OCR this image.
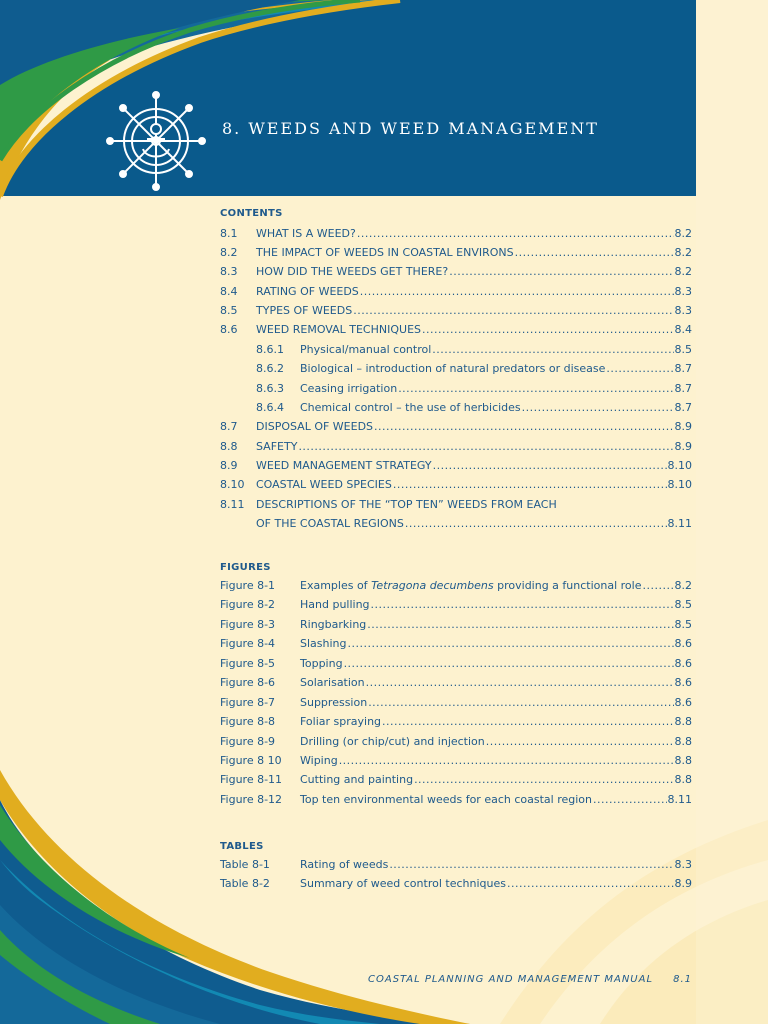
8. WEEDS AND WEED MANAGEMENT
CONTENTS
8.1	WHAT IS A WEED? .....	8.2
8.2	THE IMPACT OF WEEDS IN COASTAL ENVIRONS .....	8.2
8.3	HOW DID THE WEEDS GET THERE? .....	8.2
8.4	RATING OF WEEDS .....	8.3
8.5	TYPES OF WEEDS .....	8.3
8.6	WEED REMOVAL TECHNIQUES .....	8.4
8.6.1	Physical/manual control .....	8.5
8.6.2	Biological – introduction of natural predators or disease .....	8.7
8.6.3	Ceasing irrigation .....	8.7
8.6.4	Chemical control – the use of herbicides .....	8.7
8.7	DISPOSAL OF WEEDS .....	8.9
8.8	SAFETY .....	8.9
8.9	WEED MANAGEMENT STRATEGY .....	8.10
8.10	COASTAL WEED SPECIES .....	8.10
8.11	DESCRIPTIONS OF THE “TOP TEN” WEEDS FROM EACH
OF THE COASTAL REGIONS .....	8.11
FIGURES
Figure 8-1	Examples of Tetragona decumbens providing a functional role .....	8.2
Figure 8-2	Hand pulling .....	8.5
Figure 8-3	Ringbarking .....	8.5
Figure 8-4	Slashing .....	8.6
Figure 8-5	Topping .....	8.6
Figure 8-6	Solarisation .....	8.6
Figure 8-7	Suppression .....	8.6
Figure 8-8	Foliar spraying .....	8.8
Figure 8-9	Drilling (or chip/cut) and injection .....	8.8
Figure 8 10	Wiping .....	8.8
Figure 8-11	Cutting and painting .....	8.8
Figure 8-12	Top ten environmental weeds for each coastal region .....	8.11
TABLES
Table 8-1	Rating of weeds .....	8.3
Table 8-2	Summary of weed control techniques .....	8.9
COASTAL PLANNING AND MANAGEMENT MANUAL 8.1
